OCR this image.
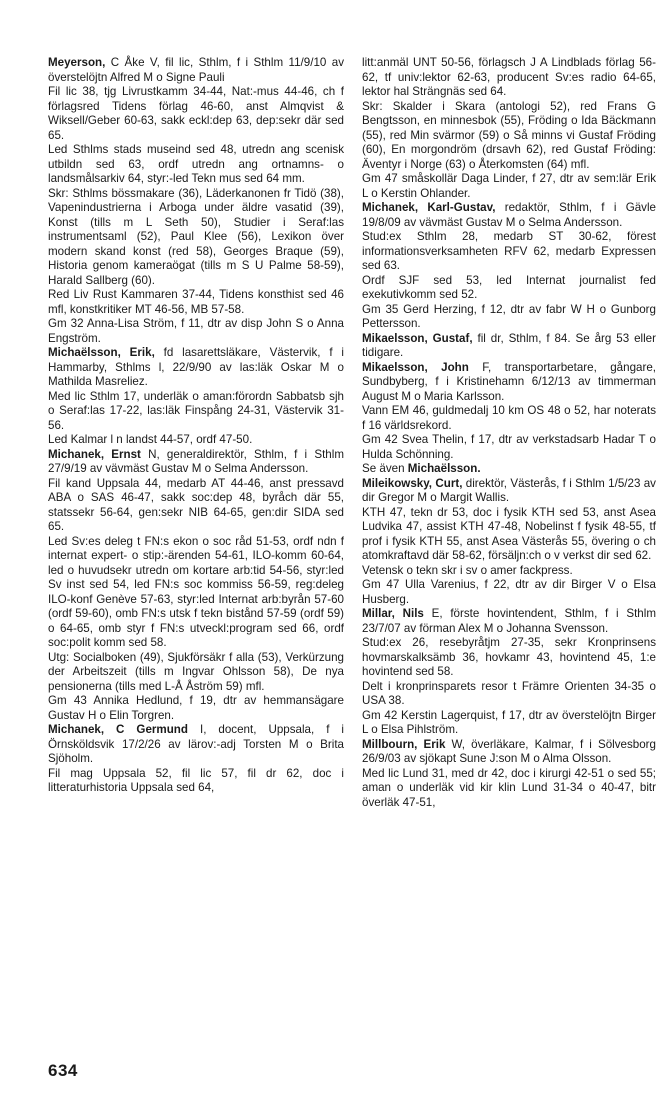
Meyerson, C Åke V, fil lic, Sthlm, f i Sthlm 11/9/10 av överstelöjtn Alfred M o Signe Pauli

Fil lic 38, tjg Livrustkamm 34-44, Nat:-mus 44-46, ch f förlagsred Tidens förlag 46-60, anst Almqvist & Wiksell/Geber 60-63, sakk eckl:dep 63, dep:sekr där sed 65.

Led Sthlms stads museind sed 48, utredn ang scenisk utbildn sed 63, ordf utredn ang ortnamns- o landsmålsarkiv 64, styr:-led Tekn mus sed 64 mm.

Skr: Sthlms bössmakare (36), Läderkanonen fr Tidö (38), Vapenindustrierna i Arboga under äldre vasatid (39), Konst (tills m L Seth 50), Studier i Seraf:las instrumentsaml (52), Paul Klee (56), Lexikon över modern skand konst (red 58), Georges Braque (59), Historia genom kameraögat (tills m S U Palme 58-59), Harald Sallberg (60).

Red Liv Rust Kammaren 37-44, Tidens konsthist sed 46 mfl, konstkritiker MT 46-56, MB 57-58.

Gm 32 Anna-Lisa Ström, f 11, dtr av disp John S o Anna Engström.

Michaëlsson, Erik, fd lasarettsläkare, Västervik, f i Hammarby, Sthlms l, 22/9/90 av las:läk Oskar M o Mathilda Masreliez.

Med lic Sthlm 17, underläk o aman:förordn Sabbatsb sjh o Seraf:las 17-22, las:läk Finspång 24-31, Västervik 31-56.

Led Kalmar l n landst 44-57, ordf 47-50.

Michanek, Ernst N, generaldirektör, Sthlm, f i Sthlm 27/9/19 av vävmäst Gustav M o Selma Andersson.

Fil kand Uppsala 44, medarb AT 44-46, anst pressavd ABA o SAS 46-47, sakk soc:dep 48, byråch där 55, statssekr 56-64, gen:sekr NIB 64-65, gen:dir SIDA sed 65.

Led Sv:es deleg t FN:s ekon o soc råd 51-53, ordf ndn f internat expert- o stip:-ärenden 54-61, ILO-komm 60-64, led o huvudsekr utredn om kortare arb:tid 54-56, styr:led Sv inst sed 54, led FN:s soc kommiss 56-59, reg:deleg ILO-konf Genève 57-63, styr:led Internat arb:byrån 57-60 (ordf 59-60), omb FN:s utsk f tekn bistånd 57-59 (ordf 59) o 64-65, omb styr f FN:s utveckl:program sed 66, ordf soc:polit komm sed 58.

Utg: Socialboken (49), Sjukförsäkr f alla (53), Verkürzung der Arbeitszeit (tills m Ingvar Ohlsson 58), De nya pensionerna (tills med L-Å Åström 59) mfl.

Gm 43 Annika Hedlund, f 19, dtr av hemmansägare Gustav H o Elin Torgren.

Michanek, C Germund I, docent, Uppsala, f i Örnsköldsvik 17/2/26 av lärov:-adj Torsten M o Brita Sjöholm.

Fil mag Uppsala 52, fil lic 57, fil dr 62, doc i litteraturhistoria Uppsala sed 64,

litt:anmäl UNT 50-56, förlagsch J A Lindblads förlag 56-62, tf univ:lektor 62-63, producent Sv:es radio 64-65, lektor hal Strängnäs sed 64.

Skr: Skalder i Skara (antologi 52), red Frans G Bengtsson, en minnesbok (55), Fröding o Ida Bäckmann (55), red Min svärmor (59) o Så minns vi Gustaf Fröding (60), En morgondröm (drsavh 62), red Gustaf Fröding: Äventyr i Norge (63) o Återkomsten (64) mfl.

Gm 47 småskollär Daga Linder, f 27, dtr av sem:lär Erik L o Kerstin Ohlander.

Michanek, Karl-Gustav, redaktör, Sthlm, f i Gävle 19/8/09 av vävmäst Gustav M o Selma Andersson.

Stud:ex Sthlm 28, medarb ST 30-62, förest informationsverksamheten RFV 62, medarb Expressen sed 63.

Ordf SJF sed 53, led Internat journalist fed exekutivkomm sed 52.

Gm 35 Gerd Herzing, f 12, dtr av fabr W H o Gunborg Pettersson.

Mikaelsson, Gustaf, fil dr, Sthlm, f 84. Se årg 53 eller tidigare.

Mikaelsson, John F, transportarbetare, gångare, Sundbyberg, f i Kristinehamn 6/12/13 av timmerman August M o Maria Karlsson.

Vann EM 46, guldmedalj 10 km OS 48 o 52, har noterats f 16 världsrekord.

Gm 42 Svea Thelin, f 17, dtr av verkstadsarb Hadar T o Hulda Schönning.

Se även Michaëlsson.

Mileikowsky, Curt, direktör, Västerås, f i Sthlm 1/5/23 av dir Gregor M o Margit Wallis.

KTH 47, tekn dr 53, doc i fysik KTH sed 53, anst Asea Ludvika 47, assist KTH 47-48, Nobelinst f fysik 48-55, tf prof i fysik KTH 55, anst Asea Västerås 55, övering o ch atomkraftavd där 58-62, försäljn:ch o v verkst dir sed 62.

Vetensk o tekn skr i sv o amer fackpress.

Gm 47 Ulla Varenius, f 22, dtr av dir Birger V o Elsa Husberg.

Millar, Nils E, förste hovintendent, Sthlm, f i Sthlm 23/7/07 av förman Alex M o Johanna Svensson.

Stud:ex 26, resebyråtjm 27-35, sekr Kronprinsens hovmarskalksämb 36, hovkamr 43, hovintend 45, 1:e hovintend sed 58.

Delt i kronprinsparets resor t Främre Orienten 34-35 o USA 38.

Gm 42 Kerstin Lagerquist, f 17, dtr av överstelöjtn Birger L o Elsa Pihlström.

Millbourn, Erik W, överläkare, Kalmar, f i Sölvesborg 26/9/03 av sjökapt Sune J:son M o Alma Olsson.

Med lic Lund 31, med dr 42, doc i kirurgi 42-51 o sed 55; aman o underläk vid kir klin Lund 31-34 o 40-47, bitr överläk 47-51,

634
